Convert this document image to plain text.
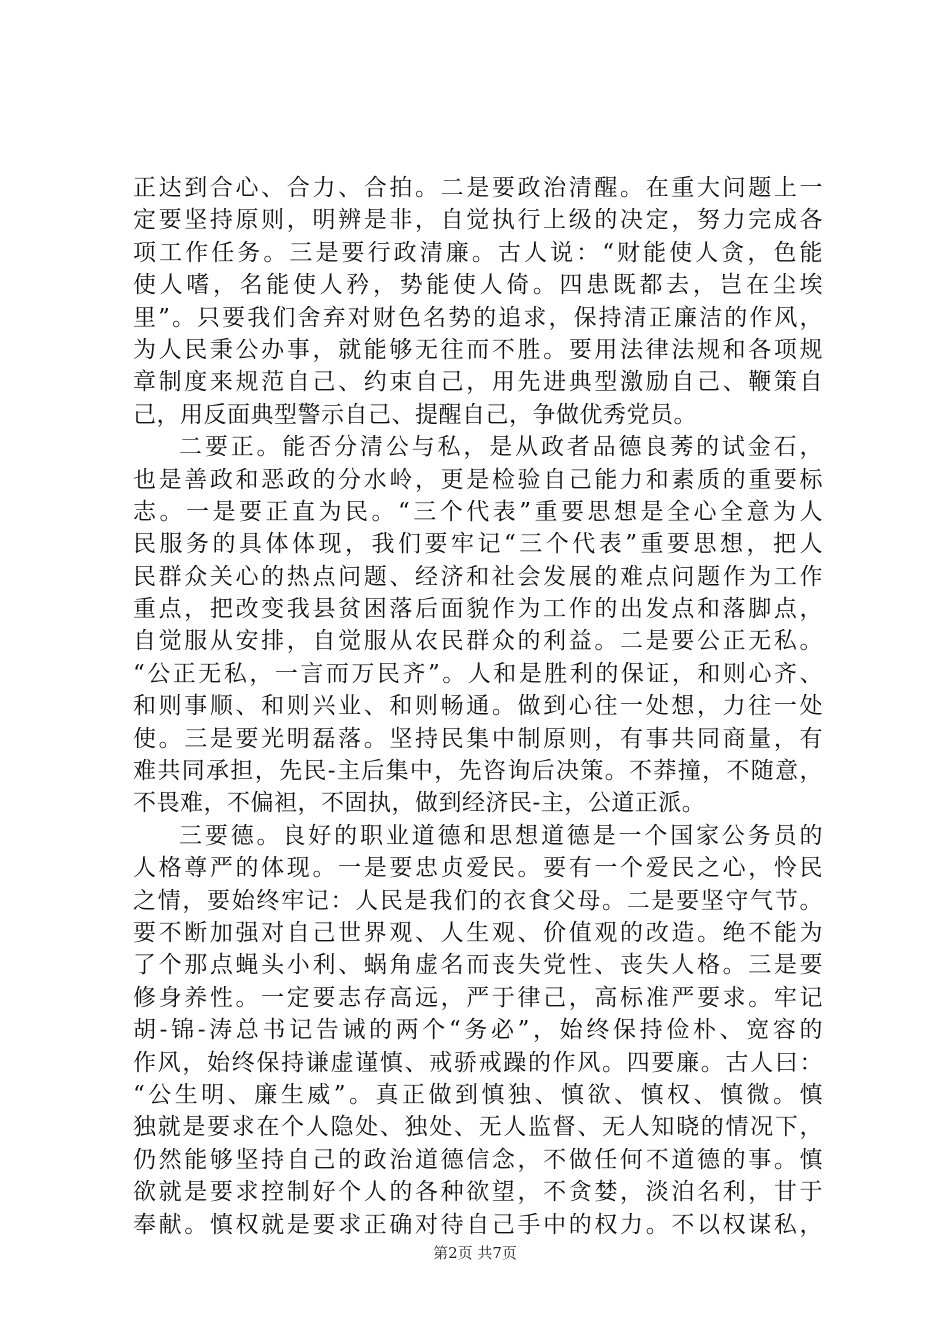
正达到合心、合力、合拍。二是要政治清醒。在重大问题上一
定要坚持原则，明辨是非，自觉执行上级的决定，努力完成各
项工作任务。三是要行政清廉。古人说：“财能使人贪，色能
使人嗜，名能使人矜，势能使人倚。四患既都去，岂在尘埃
里”。只要我们舍弃对财色名势的追求，保持清正廉洁的作风，
为人民秉公办事，就能够无往而不胜。要用法律法规和各项规
章制度来规范自己、约束自己，用先进典型激励自己、鞭策自
己，用反面典型警示自己、提醒自己，争做优秀党员。
二要正。能否分清公与私，是从政者品德良莠的试金石，
也是善政和恶政的分水岭，更是检验自己能力和素质的重要标
志。一是要正直为民。“三个代表”重要思想是全心全意为人
民服务的具体体现，我们要牢记“三个代表”重要思想，把人
民群众关心的热点问题、经济和社会发展的难点问题作为工作
重点，把改变我县贫困落后面貌作为工作的出发点和落脚点，
自觉服从安排，自觉服从农民群众的利益。二是要公正无私。
“公正无私，一言而万民齐”。人和是胜利的保证，和则心齐、
和则事顺、和则兴业、和则畅通。做到心往一处想，力往一处
使。三是要光明磊落。坚持民集中制原则，有事共同商量，有
难共同承担，先民-主后集中，先咨询后决策。不莽撞，不随意，
不畏难，不偏袒，不固执，做到经济民-主，公道正派。
三要德。良好的职业道德和思想道德是一个国家公务员的
人格尊严的体现。一是要忠贞爱民。要有一个爱民之心，怜民
之情，要始终牢记：人民是我们的衣食父母。二是要坚守气节。
要不断加强对自己世界观、人生观、价值观的改造。绝不能为
了个那点蝇头小利、蜗角虚名而丧失党性、丧失人格。三是要
修身养性。一定要志存高远，严于律己，高标准严要求。牢记
胡-锦-涛总书记告诫的两个“务必”，始终保持俭朴、宽容的
作风，始终保持谦虚谨慎、戒骄戒躁的作风。四要廉。古人曰：
“公生明、廉生威”。真正做到慎独、慎欲、慎权、慎微。慎
独就是要求在个人隐处、独处、无人监督、无人知晓的情况下，
仍然能够坚持自己的政治道德信念，不做任何不道德的事。慎
欲就是要求控制好个人的各种欲望，不贪婪，淡泊名利，甘于
奉献。慎权就是要求正确对待自己手中的权力。不以权谋私，
第2页 共7页
